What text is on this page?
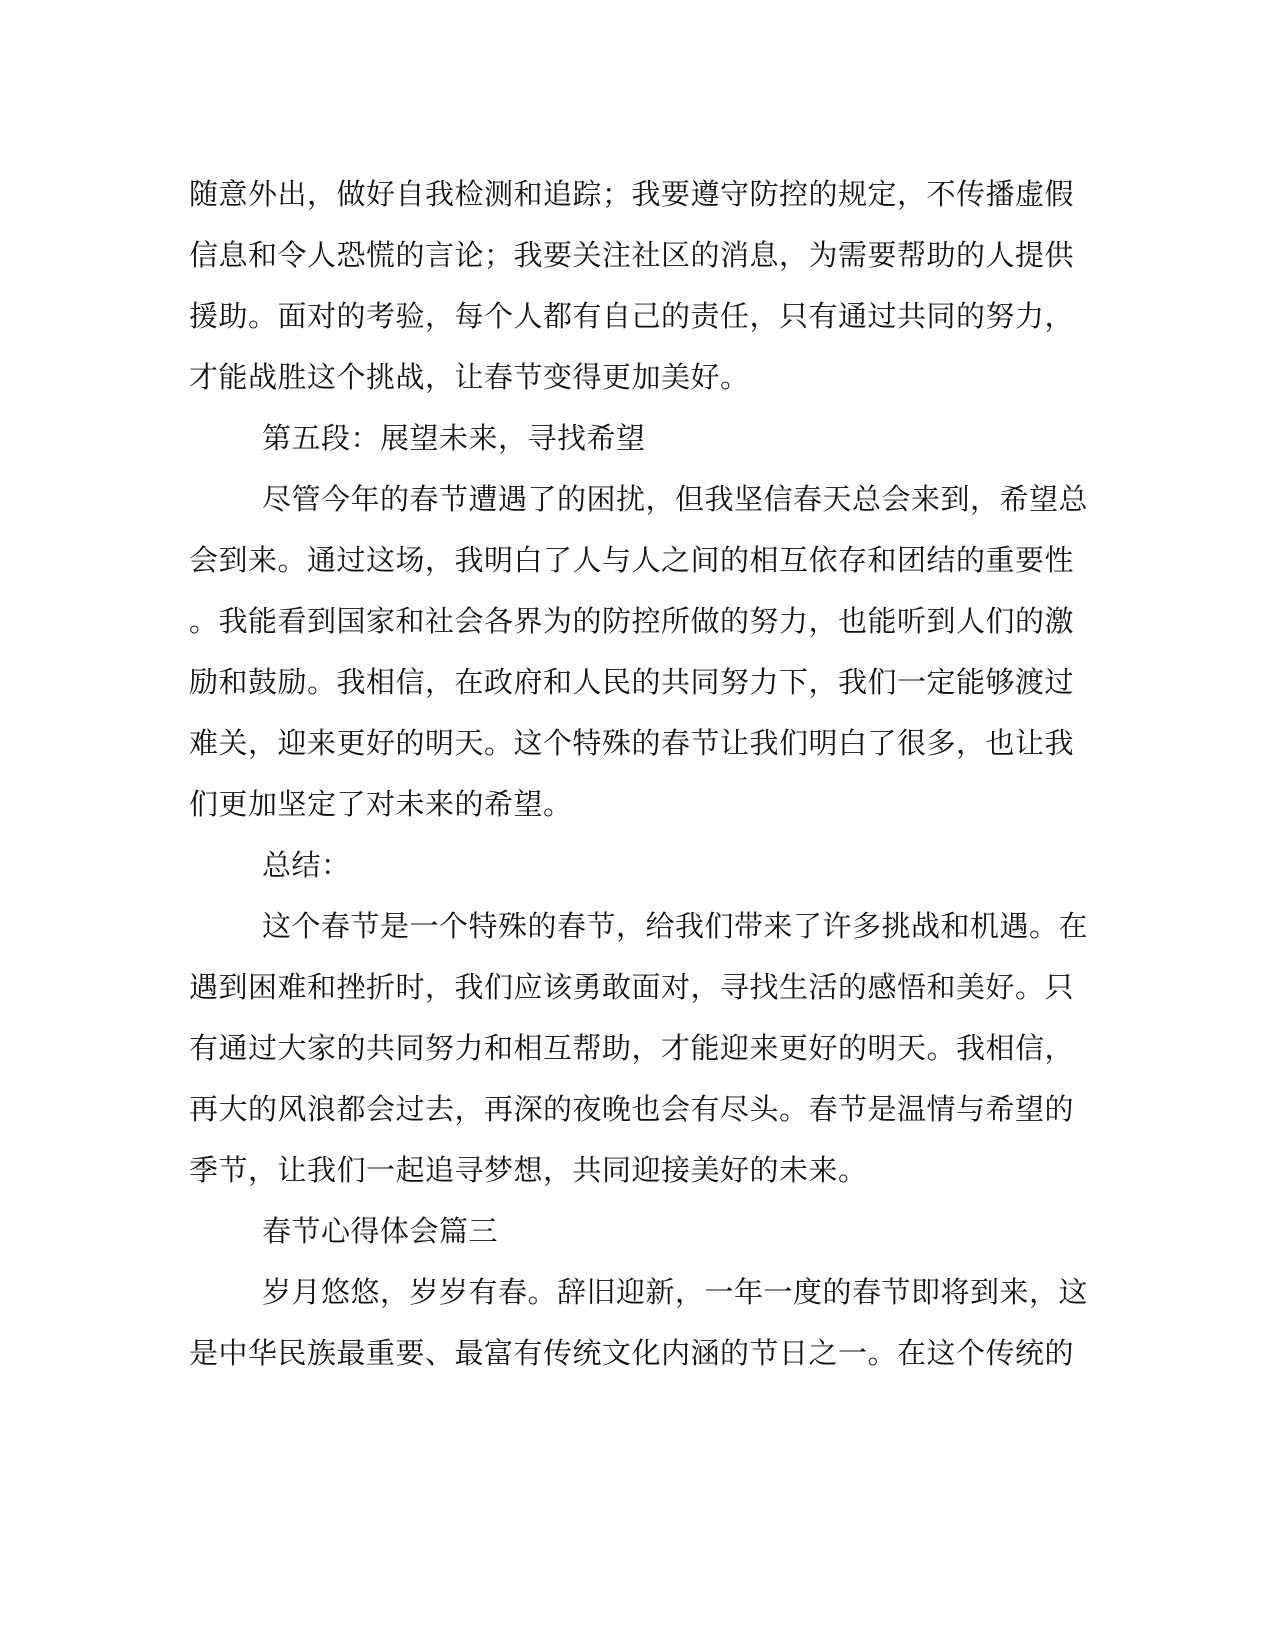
随意外出，做好自我检测和追踪；我要遵守防控的规定，不传播虚假
信息和令人恐慌的言论；我要关注社区的消息，为需要帮助的人提供
援助。面对的考验，每个人都有自己的责任，只有通过共同的努力，
才能战胜这个挑战，让春节变得更加美好。
第五段：展望未来，寻找希望
尽管今年的春节遭遇了的困扰，但我坚信春天总会来到，希望总
会到来。通过这场，我明白了人与人之间的相互依存和团结的重要性
。我能看到国家和社会各界为的防控所做的努力，也能听到人们的激
励和鼓励。我相信，在政府和人民的共同努力下，我们一定能够渡过
难关，迎来更好的明天。这个特殊的春节让我们明白了很多，也让我
们更加坚定了对未来的希望。
总结：
这个春节是一个特殊的春节，给我们带来了许多挑战和机遇。在
遇到困难和挫折时，我们应该勇敢面对，寻找生活的感悟和美好。只
有通过大家的共同努力和相互帮助，才能迎来更好的明天。我相信，
再大的风浪都会过去，再深的夜晚也会有尽头。春节是温情与希望的
季节，让我们一起追寻梦想，共同迎接美好的未来。
春节心得体会篇三
岁月悠悠，岁岁有春。辞旧迎新，一年一度的春节即将到来，这
是中华民族最重要、最富有传统文化内涵的节日之一。在这个传统的
